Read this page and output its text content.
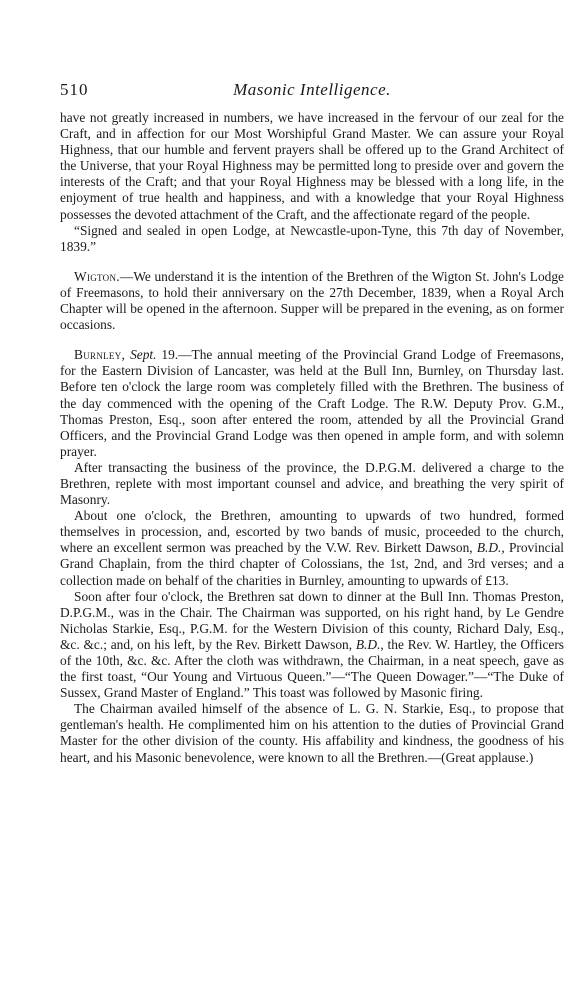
510	Masonic Intelligence.

have not greatly increased in numbers, we have increased in the fervour of our zeal for the Craft, and in affection for our Most Worshipful Grand Master. We can assure your Royal Highness, that our humble and fervent prayers shall be offered up to the Grand Architect of the Universe, that your Royal Highness may be permitted long to preside over and govern the interests of the Craft; and that your Royal Highness may be blessed with a long life, in the enjoyment of true health and happiness, and with a knowledge that your Royal Highness possesses the devoted attachment of the Craft, and the affectionate regard of the people.

“Signed and sealed in open Lodge, at Newcastle-upon-Tyne, this 7th day of November, 1839.”

Wigton.—We understand it is the intention of the Brethren of the Wigton St. John's Lodge of Freemasons, to hold their anniversary on the 27th December, 1839, when a Royal Arch Chapter will be opened in the afternoon. Supper will be prepared in the evening, as on former occasions.

Burnley, Sept. 19.—The annual meeting of the Provincial Grand Lodge of Freemasons, for the Eastern Division of Lancaster, was held at the Bull Inn, Burnley, on Thursday last. Before ten o'clock the large room was completely filled with the Brethren. The business of the day commenced with the opening of the Craft Lodge. The R.W. Deputy Prov. G.M., Thomas Preston, Esq., soon after entered the room, attended by all the Provincial Grand Officers, and the Provincial Grand Lodge was then opened in ample form, and with solemn prayer.

After transacting the business of the province, the D.P.G.M. delivered a charge to the Brethren, replete with most important counsel and advice, and breathing the very spirit of Masonry.

About one o'clock, the Brethren, amounting to upwards of two hundred, formed themselves in procession, and, escorted by two bands of music, proceeded to the church, where an excellent sermon was preached by the V.W. Rev. Birkett Dawson, B.D., Provincial Grand Chaplain, from the third chapter of Colossians, the 1st, 2nd, and 3rd verses; and a collection made on behalf of the charities in Burnley, amounting to upwards of £13.

Soon after four o'clock, the Brethren sat down to dinner at the Bull Inn. Thomas Preston, D.P.G.M., was in the Chair. The Chairman was supported, on his right hand, by Le Gendre Nicholas Starkie, Esq., P.G.M. for the Western Division of this county, Richard Daly, Esq., &c. &c.; and, on his left, by the Rev. Birkett Dawson, B.D., the Rev. W. Hartley, the Officers of the 10th, &c. &c. After the cloth was withdrawn, the Chairman, in a neat speech, gave as the first toast, “Our Young and Virtuous Queen.”—“The Queen Dowager.”—“The Duke of Sussex, Grand Master of England.” This toast was followed by Masonic firing.

The Chairman availed himself of the absence of L. G. N. Starkie, Esq., to propose that gentleman's health. He complimented him on his attention to the duties of Provincial Grand Master for the other division of the county. His affability and kindness, the goodness of his heart, and his Masonic benevolence, were known to all the Brethren.—(Great applause.)
